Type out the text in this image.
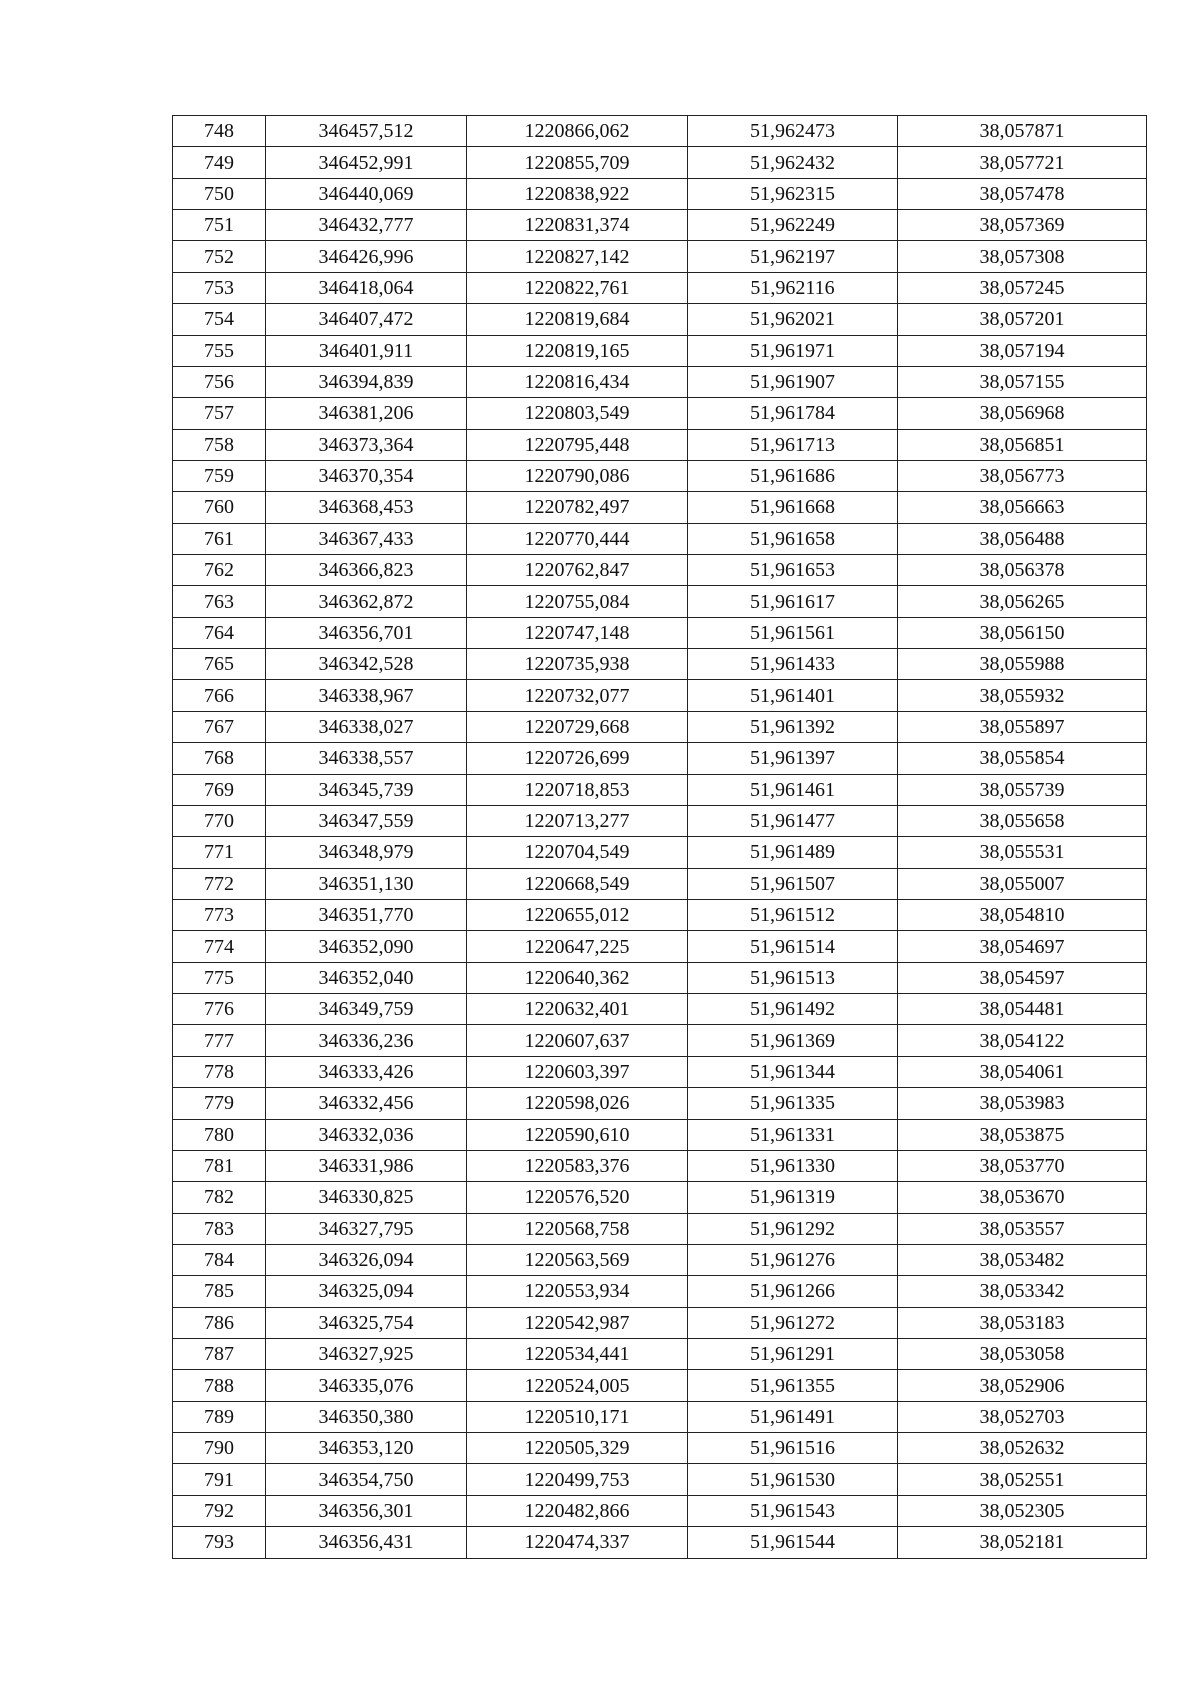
748	346457,512	1220866,062	51,962473	38,057871
749	346452,991	1220855,709	51,962432	38,057721
750	346440,069	1220838,922	51,962315	38,057478
751	346432,777	1220831,374	51,962249	38,057369
752	346426,996	1220827,142	51,962197	38,057308
753	346418,064	1220822,761	51,962116	38,057245
754	346407,472	1220819,684	51,962021	38,057201
755	346401,911	1220819,165	51,961971	38,057194
756	346394,839	1220816,434	51,961907	38,057155
757	346381,206	1220803,549	51,961784	38,056968
758	346373,364	1220795,448	51,961713	38,056851
759	346370,354	1220790,086	51,961686	38,056773
760	346368,453	1220782,497	51,961668	38,056663
761	346367,433	1220770,444	51,961658	38,056488
762	346366,823	1220762,847	51,961653	38,056378
763	346362,872	1220755,084	51,961617	38,056265
764	346356,701	1220747,148	51,961561	38,056150
765	346342,528	1220735,938	51,961433	38,055988
766	346338,967	1220732,077	51,961401	38,055932
767	346338,027	1220729,668	51,961392	38,055897
768	346338,557	1220726,699	51,961397	38,055854
769	346345,739	1220718,853	51,961461	38,055739
770	346347,559	1220713,277	51,961477	38,055658
771	346348,979	1220704,549	51,961489	38,055531
772	346351,130	1220668,549	51,961507	38,055007
773	346351,770	1220655,012	51,961512	38,054810
774	346352,090	1220647,225	51,961514	38,054697
775	346352,040	1220640,362	51,961513	38,054597
776	346349,759	1220632,401	51,961492	38,054481
777	346336,236	1220607,637	51,961369	38,054122
778	346333,426	1220603,397	51,961344	38,054061
779	346332,456	1220598,026	51,961335	38,053983
780	346332,036	1220590,610	51,961331	38,053875
781	346331,986	1220583,376	51,961330	38,053770
782	346330,825	1220576,520	51,961319	38,053670
783	346327,795	1220568,758	51,961292	38,053557
784	346326,094	1220563,569	51,961276	38,053482
785	346325,094	1220553,934	51,961266	38,053342
786	346325,754	1220542,987	51,961272	38,053183
787	346327,925	1220534,441	51,961291	38,053058
788	346335,076	1220524,005	51,961355	38,052906
789	346350,380	1220510,171	51,961491	38,052703
790	346353,120	1220505,329	51,961516	38,052632
791	346354,750	1220499,753	51,961530	38,052551
792	346356,301	1220482,866	51,961543	38,052305
793	346356,431	1220474,337	51,961544	38,052181
